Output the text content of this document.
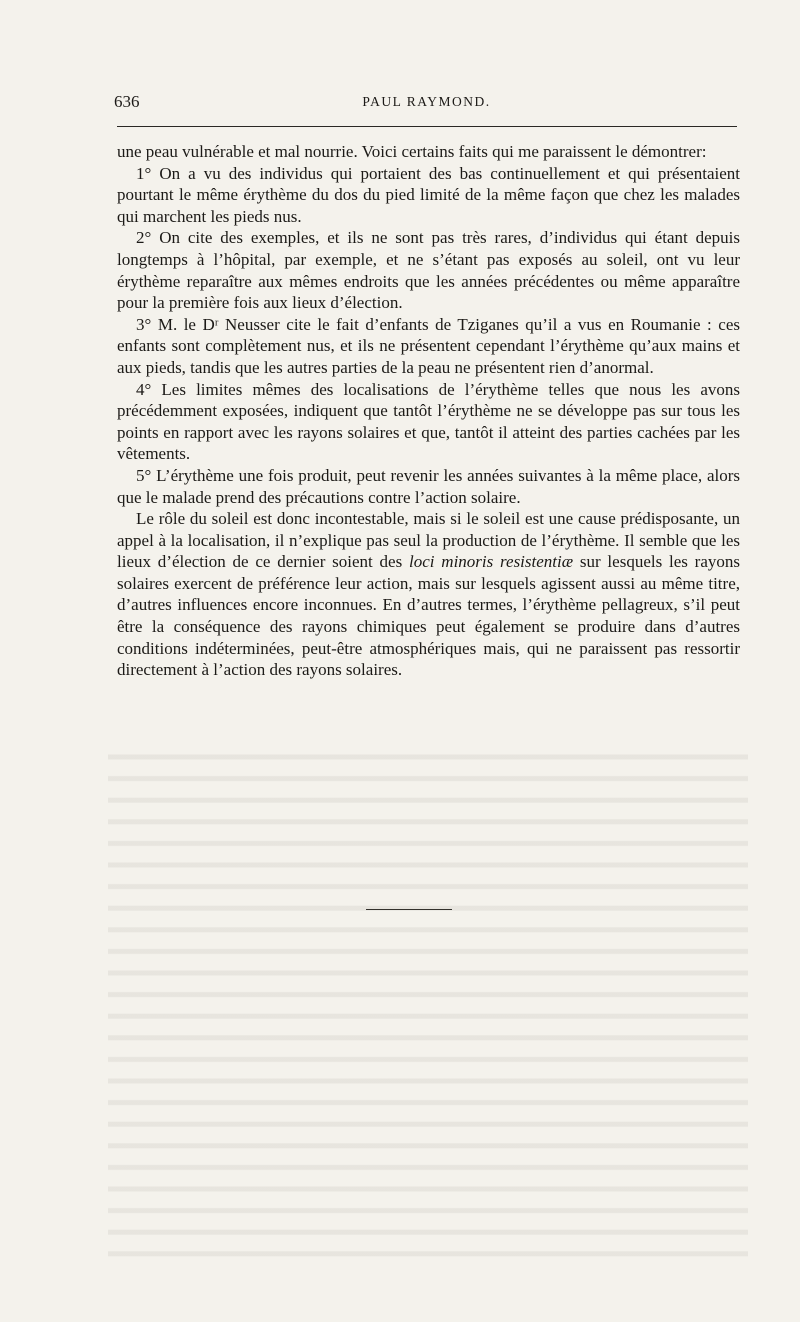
636	PAUL RAYMOND.

une peau vulnérable et mal nourrie. Voici certains faits qui me paraissent le démontrer:

1° On a vu des individus qui portaient des bas continuellement et qui présentaient pourtant le même érythème du dos du pied limité de la même façon que chez les malades qui marchent les pieds nus.

2° On cite des exemples, et ils ne sont pas très rares, d’individus qui étant depuis longtemps à l’hôpital, par exemple, et ne s’étant pas exposés au soleil, ont vu leur érythème reparaître aux mêmes endroits que les années précédentes ou même apparaître pour la première fois aux lieux d’élection.

3° M. le Dʳ Neusser cite le fait d’enfants de Tziganes qu’il a vus en Roumanie : ces enfants sont complètement nus, et ils ne présentent cependant l’érythème qu’aux mains et aux pieds, tandis que les autres parties de la peau ne présentent rien d’anormal.

4° Les limites mêmes des localisations de l’érythème telles que nous les avons précédemment exposées, indiquent que tantôt l’érythème ne se développe pas sur tous les points en rapport avec les rayons solaires et que, tantôt il atteint des parties cachées par les vêtements.

5° L’érythème une fois produit, peut revenir les années suivantes à la même place, alors que le malade prend des précautions contre l’action solaire.

Le rôle du soleil est donc incontestable, mais si le soleil est une cause prédisposante, un appel à la localisation, il n’explique pas seul la production de l’érythème. Il semble que les lieux d’élection de ce dernier soient des loci minoris resistentiæ sur lesquels les rayons solaires exercent de préférence leur action, mais sur lesquels agissent aussi au même titre, d’autres influences encore inconnues. En d’autres termes, l’érythème pellagreux, s’il peut être la conséquence des rayons chimiques peut également se produire dans d’autres conditions indéterminées, peut-être atmosphériques mais, qui ne paraissent pas ressortir directement à l’action des rayons solaires.
